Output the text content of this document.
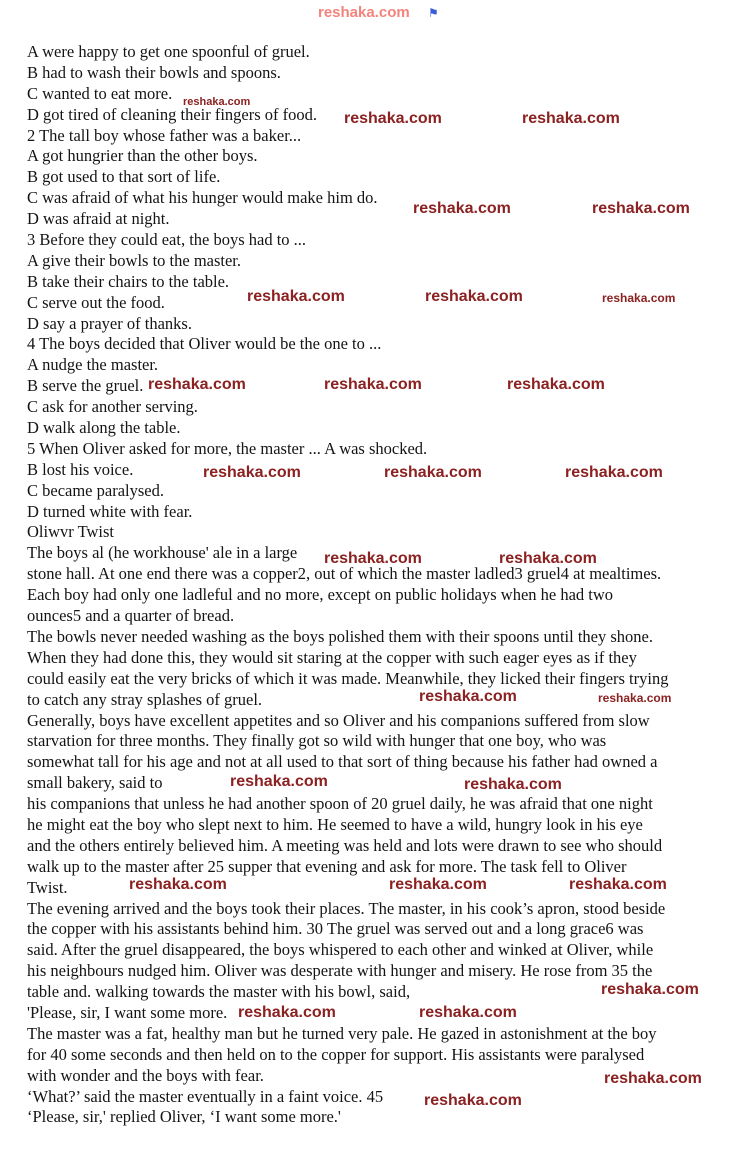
reshaka.com ⚑
reshaka.com
reshaka.com	reshaka.com
reshaka.com	reshaka.com
reshaka.com	reshaka.com	reshaka.com
reshaka.com	reshaka.com	reshaka.com
reshaka.com	reshaka.com	reshaka.com
reshaka.com	reshaka.com
reshaka.com	reshaka.com
reshaka.com	reshaka.com
reshaka.com	reshaka.com	reshaka.com
reshaka.com
reshaka.com	reshaka.com
reshaka.com
reshaka.com
A were happy to get one spoonful of gruel.
B had to wash their bowls and spoons.
C wanted to eat more.
D got tired of cleaning their fingers of food.
2 The tall boy whose father was a baker...
A got hungrier than the other boys.
B got used to that sort of life.
C was afraid of what his hunger would make him do.
D was afraid at night.
3 Before they could eat, the boys had to ...
A give their bowls to the master.
B take their chairs to the table.
C serve out the food.
D say a prayer of thanks.
4 The boys decided that Oliver would be the one to ...
A nudge the master.
B serve the gruel.
C ask for another serving.
D walk along the table.
5 When Oliver asked for more, the master ... A was shocked.
B lost his voice.
C became paralysed.
D turned white with fear.
Oliwvr Twist
The boys al (he workhouse' ale in a large
stone hall. At one end there was a copper2, out of which the master ladled3 gruel4 at mealtimes.
Each boy had only one ladleful and no more, except on public holidays when he had two
ounces5 and a quarter of bread.
The bowls never needed washing as the boys polished them with their spoons until they shone.
When they had done this, they would sit staring at the copper with such eager eyes as if they
could easily eat the very bricks of which it was made. Meanwhile, they licked their fingers trying
to catch any stray splashes of gruel.
Generally, boys have excellent appetites and so Oliver and his companions suffered from slow
starvation for three months. They finally got so wild with hunger that one boy, who was
somewhat tall for his age and not at all used to that sort of thing because his father had owned a
small bakery, said to
his companions that unless he had another spoon of 20 gruel daily, he was afraid that one night
he might eat the boy who slept next to him. He seemed to have a wild, hungry look in his eye
and the others entirely believed him. A meeting was held and lots were drawn to see who should
walk up to the master after 25 supper that evening and ask for more. The task fell to Oliver
Twist.
The evening arrived and the boys took their places. The master, in his cook’s apron, stood beside
the copper with his assistants behind him. 30 The gruel was served out and a long grace6 was
said. After the gruel disappeared, the boys whispered to each other and winked at Oliver, while
his neighbours nudged him. Oliver was desperate with hunger and misery. He rose from 35 the
table and. walking towards the master with his bowl, said,
'Please, sir, I want some more.
The master was a fat, healthy man but he turned very pale. He gazed in astonishment at the boy
for 40 some seconds and then held on to the copper for support. His assistants were paralysed
with wonder and the boys with fear.
‘What?’ said the master eventually in a faint voice. 45
‘Please, sir,' replied Oliver, ‘I want some more.'
